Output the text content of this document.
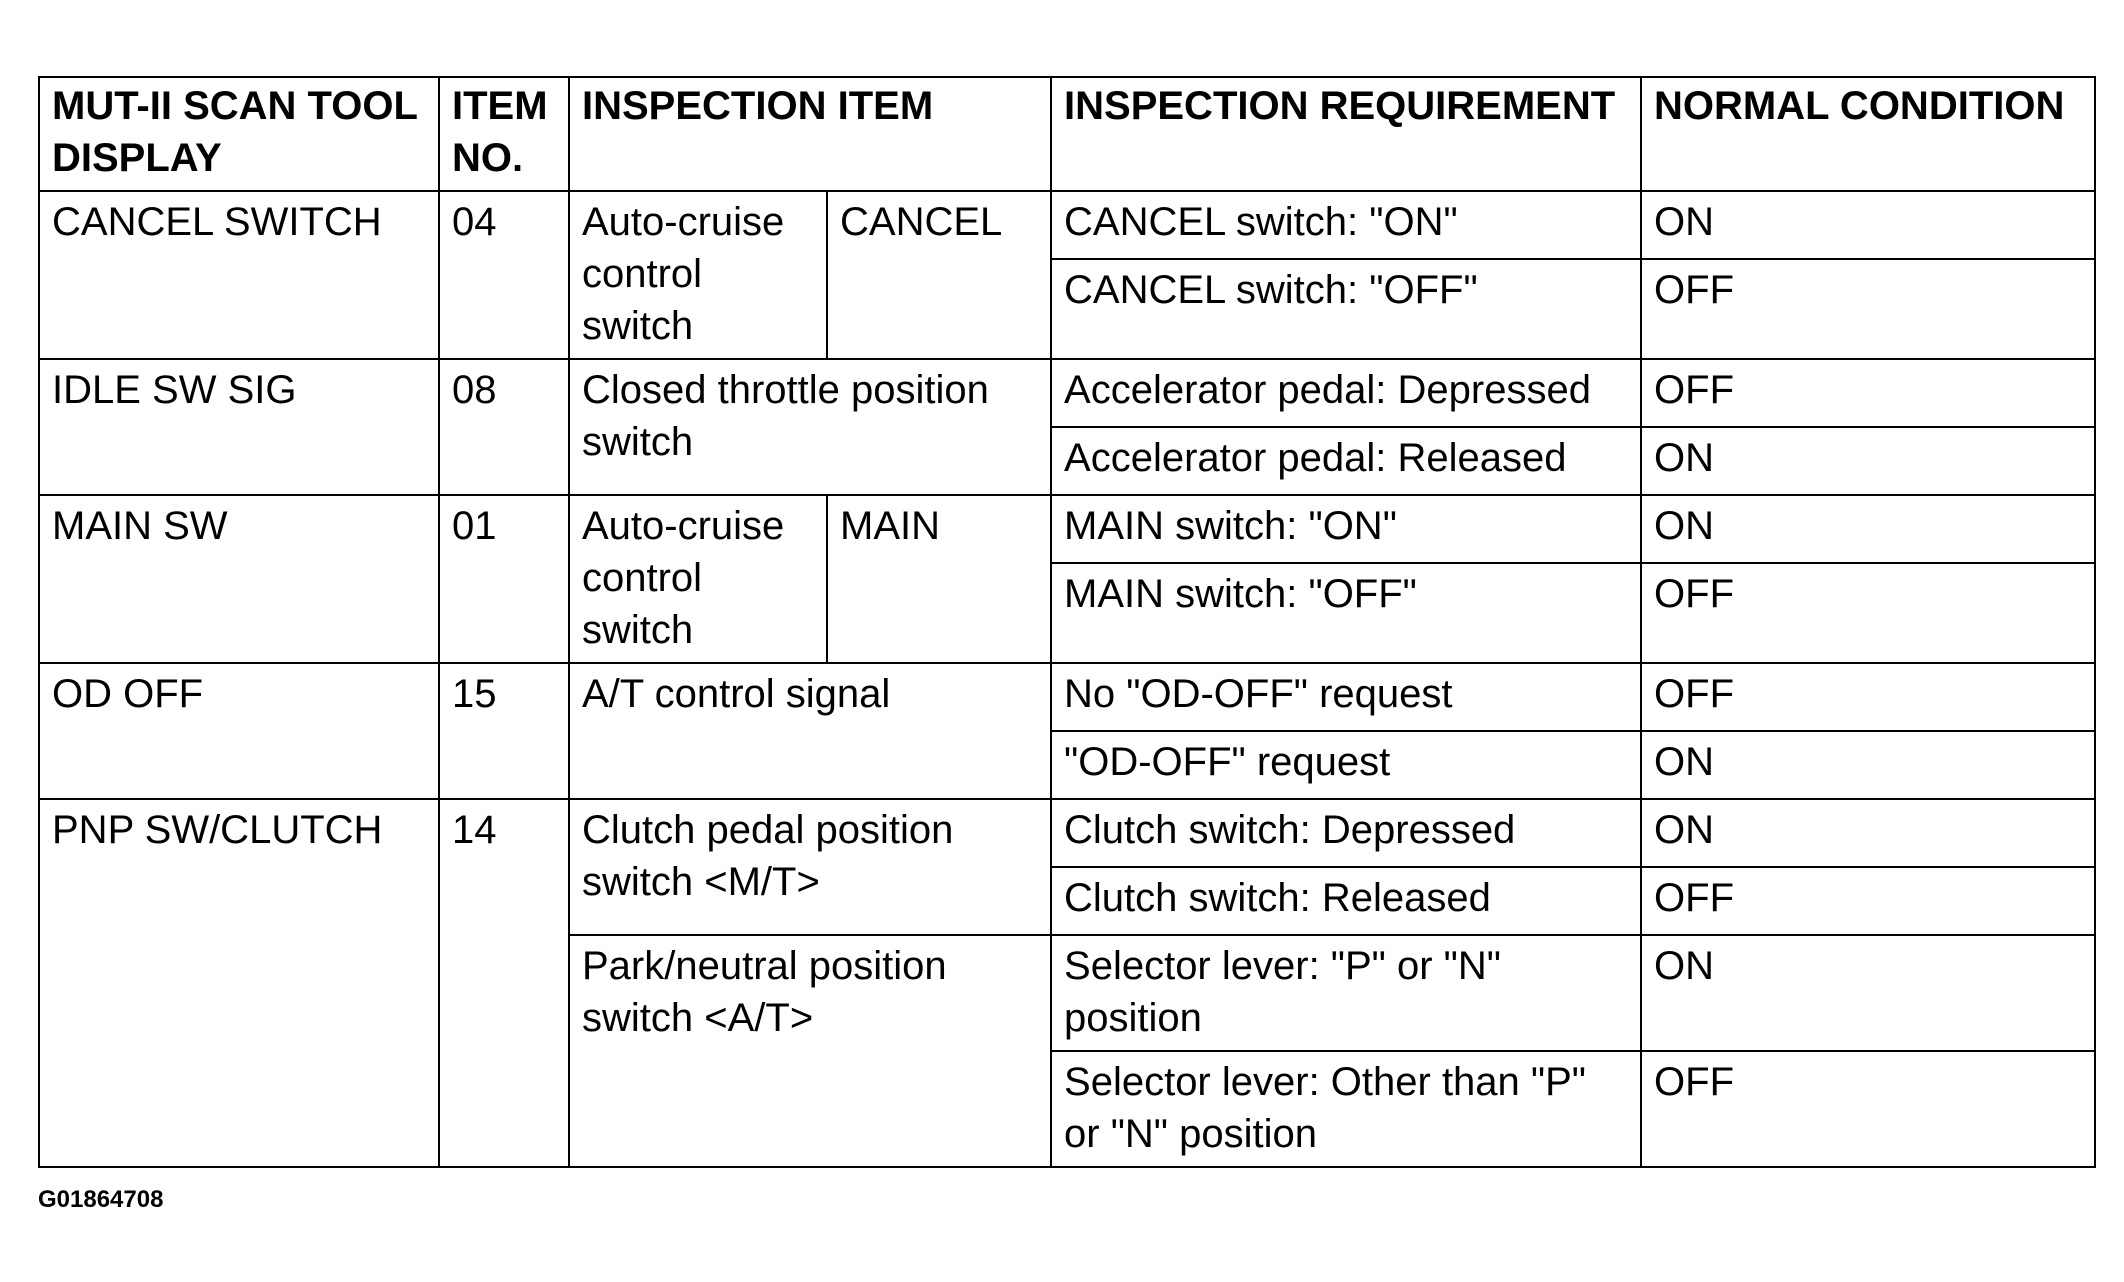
MUT-II SCAN TOOL DISPLAY	ITEM NO.	INSPECTION ITEM		INSPECTION REQUIREMENT	NORMAL CONDITION
CANCEL SWITCH	04	Auto-cruise control switch	CANCEL	CANCEL switch: "ON"	ON
				CANCEL switch: "OFF"	OFF
IDLE SW SIG	08	Closed throttle position switch		Accelerator pedal: Depressed	OFF
				Accelerator pedal: Released	ON
MAIN SW	01	Auto-cruise control switch	MAIN	MAIN switch: "ON"	ON
				MAIN switch: "OFF"	OFF
OD OFF	15	A/T control signal		No "OD-OFF" request	OFF
				"OD-OFF" request	ON
PNP SW/CLUTCH	14	Clutch pedal position switch <M/T>		Clutch switch: Depressed	ON
				Clutch switch: Released	OFF
		Park/neutral position switch <A/T>		Selector lever: "P" or "N" position	ON
				Selector lever: Other than "P" or "N" position	OFF
G01864708
